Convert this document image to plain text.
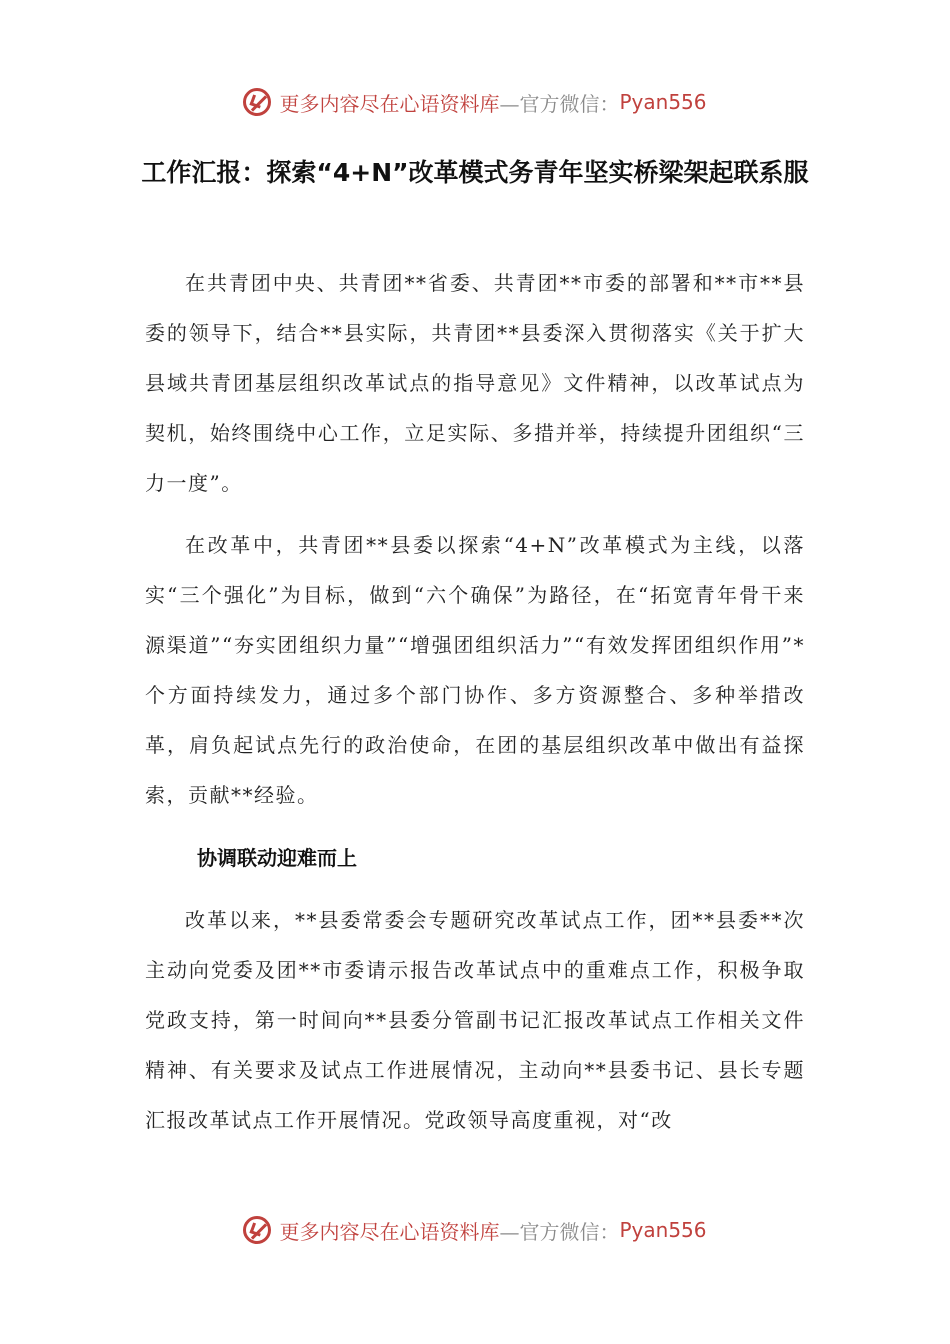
更多内容尽在心语资料库 —官方微信： Pyan556
工作汇报：探索“4+N”改革模式务青年坚实桥梁架起联系服

在共青团中央、共青团**省委、共青团**市委的部署和**市**县委的领导下，结合**县实际，共青团**县委深入贯彻落实《关于扩大县域共青团基层组织改革试点的指导意见》文件精神，以改革试点为契机，始终围绕中心工作，立足实际、多措并举，持续提升团组织“三力一度”。

在改革中，共青团**县委以探索“4+N”改革模式为主线，以落实“三个强化”为目标，做到“六个确保”为路径，在“拓宽青年骨干来源渠道”“夯实团组织力量”“增强团组织活力”“有效发挥团组织作用”*个方面持续发力，通过多个部门协作、多方资源整合、多种举措改革，肩负起试点先行的政治使命，在团的基层组织改革中做出有益探索，贡献**经验。

协调联动迎难而上

改革以来，**县委常委会专题研究改革试点工作，团**县委**次主动向党委及团**市委请示报告改革试点中的重难点工作，积极争取党政支持，第一时间向**县委分管副书记汇报改革试点工作相关文件精神、有关要求及试点工作进展情况，主动向**县委书记、县长专题汇报改革试点工作开展情况。党政领导高度重视，对“改

更多内容尽在心语资料库 —官方微信： Pyan556
